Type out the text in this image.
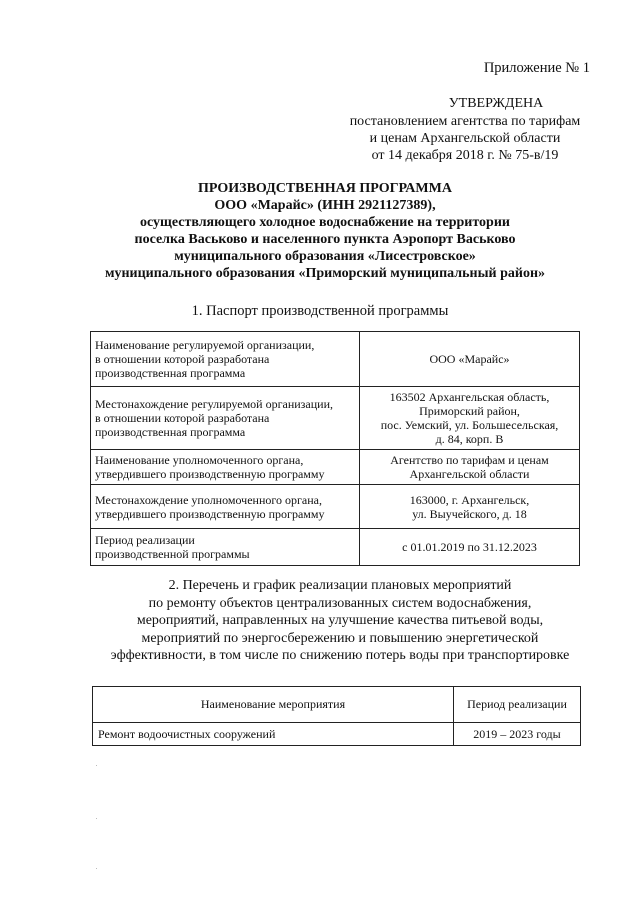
Приложение № 1
УТВЕРЖДЕНА
постановлением агентства по тарифам
и ценам Архангельской области
от 14 декабря 2018 г. № 75-в/19
ПРОИЗВОДСТВЕННАЯ ПРОГРАММА
ООО «Марайс» (ИНН 2921127389),
осуществляющего холодное водоснабжение на территории
поселка Васьково и населенного пункта Аэропорт Васьково
муниципального образования «Лисестровское»
муниципального образования «Приморский муниципальный район»
1. Паспорт производственной программы
Наименование регулируемой организации,
в отношении которой разработана
производственная программа	ООО «Марайс»
Местонахождение регулируемой организации,
в отношении которой разработана
производственная программа	163502 Архангельская область,
Приморский район,
пос. Уемский, ул. Большесельская,
д. 84, корп. В
Наименование уполномоченного органа,
утвердившего производственную программу	Агентство по тарифам и ценам
Архангельской области
Местонахождение уполномоченного органа,
утвердившего производственную программу	163000, г. Архангельск,
ул. Выучейского, д. 18
Период реализации
производственной программы	с 01.01.2019 по 31.12.2023
2. Перечень и график реализации плановых мероприятий
по ремонту объектов централизованных систем водоснабжения,
мероприятий, направленных на улучшение качества питьевой воды,
мероприятий по энергосбережению и повышению энергетической
эффективности, в том числе по снижению потерь воды при транспортировке
Наименование мероприятия	Период реализации
Ремонт водоочистных сооружений	2019 – 2023 годы
